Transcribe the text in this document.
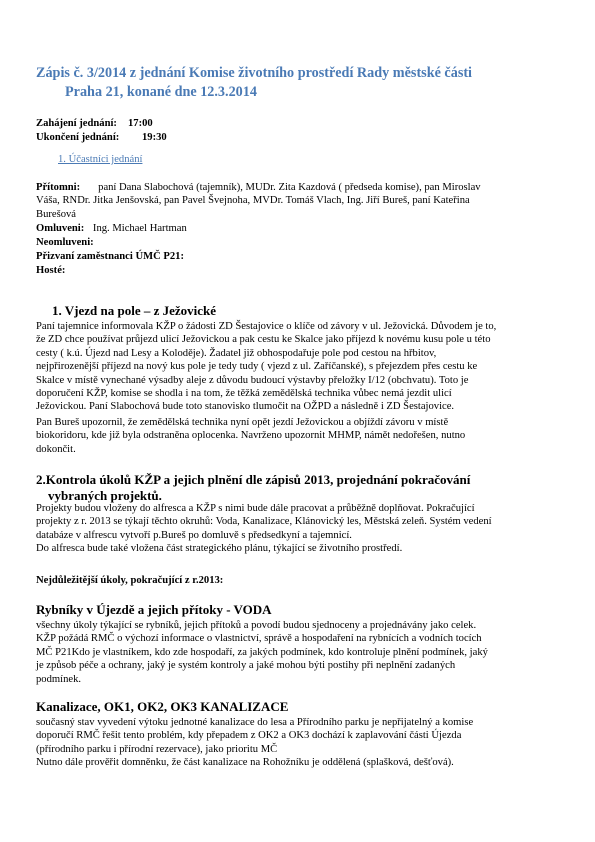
Zápis č. 3/2014 z jednání Komise životního prostředí Rady městské části
Praha 21, konané dne 12.3.2014
Zahájení jednání: 17:00
Ukončení jednání: 19:30
1. Účastníci jednání
Přítomni: paní Dana Slabochová (tajemník), MUDr. Zita Kazdová ( předseda komise), pan Miroslav
Váša, RNDr. Jitka Jenšovská, pan Pavel Švejnoha, MVDr. Tomáš Vlach, Ing. Jiří Bureš, paní Kateřina
Burešová
Omluveni: Ing. Michael Hartman
Neomluveni:
Přizvaní zaměstnanci ÚMČ P21:
Hosté:
1. Vjezd na pole – z Ježovické
Paní tajemnice informovala KŽP o žádosti ZD Šestajovice o klíče od závory v ul. Ježovická. Důvodem je to,
že ZD chce používat průjezd ulicí Ježovickou a pak cestu ke Skalce jako příjezd k novému kusu pole u této
cesty ( k.ú. Újezd nad Lesy a Koloděje). Žadatel již obhospodařuje pole pod cestou na hřbitov,
nejpřirozenější příjezd na nový kus pole je tedy tudy ( vjezd z ul. Zaříčanské), s přejezdem přes cestu ke
Skalce v místě vynechané výsadby aleje z důvodu budoucí výstavby přeložky I/12 (obchvatu). Toto je
doporučení KŽP, komise se shodla i na tom, že těžká zemědělská technika vůbec nemá jezdit ulicí
Ježovickou. Paní Slabochová bude toto stanovisko tlumočit na OŽPD a následně i ZD Šestajovice.
Pan Bureš upozornil, že zemědělská technika nyní opět jezdí Ježovickou a objíždí závoru v místě
biokoridoru, kde již byla odstraněna oplocenka. Navrženo upozornit MHMP, námět nedořešen, nutno
dokončit.
2.Kontrola úkolů KŽP a jejich plnění dle zápisů 2013, projednání pokračování
vybraných projektů.
Projekty budou vloženy do alfresca a KŽP s nimi bude dále pracovat a průběžně doplňovat. Pokračující
projekty z r. 2013 se týkají těchto okruhů: Voda, Kanalizace, Klánovický les, Městská zeleň. Systém vedení
databáze v alfrescu vytvoří p.Bureš po domluvě s předsedkyní a tajemnicí.
Do alfresca bude také vložena část strategického plánu, týkající se životního prostředí.
Nejdůležitější úkoly, pokračující z r.2013:
Rybníky v Újezdě a jejich přítoky - VODA
všechny úkoly týkající se rybníků, jejich přítoků a povodí budou sjednoceny a projednávány jako celek.
KŽP požádá RMČ o výchozí informace o vlastnictví, správě a hospodaření na rybnících a vodních tocích
MČ P21Kdo je vlastníkem, kdo zde hospodaří, za jakých podmínek, kdo kontroluje plnění podmínek, jaký
je způsob péče a ochrany, jaký je systém kontroly a jaké mohou býti postihy při neplnění zadaných
podmínek.
Kanalizace, OK1, OK2, OK3 KANALIZACE
současný stav vyvedení výtoku jednotné kanalizace do lesa a Přírodního parku je nepřijatelný a komise
doporučí RMČ řešit tento problém, kdy přepadem z OK2 a OK3 dochází k zaplavování části Újezda
(přírodního parku i přírodní rezervace), jako prioritu MČ
Nutno dále prověřit domněnku, že část kanalizace na Rohožníku je oddělená (splašková, dešťová).
